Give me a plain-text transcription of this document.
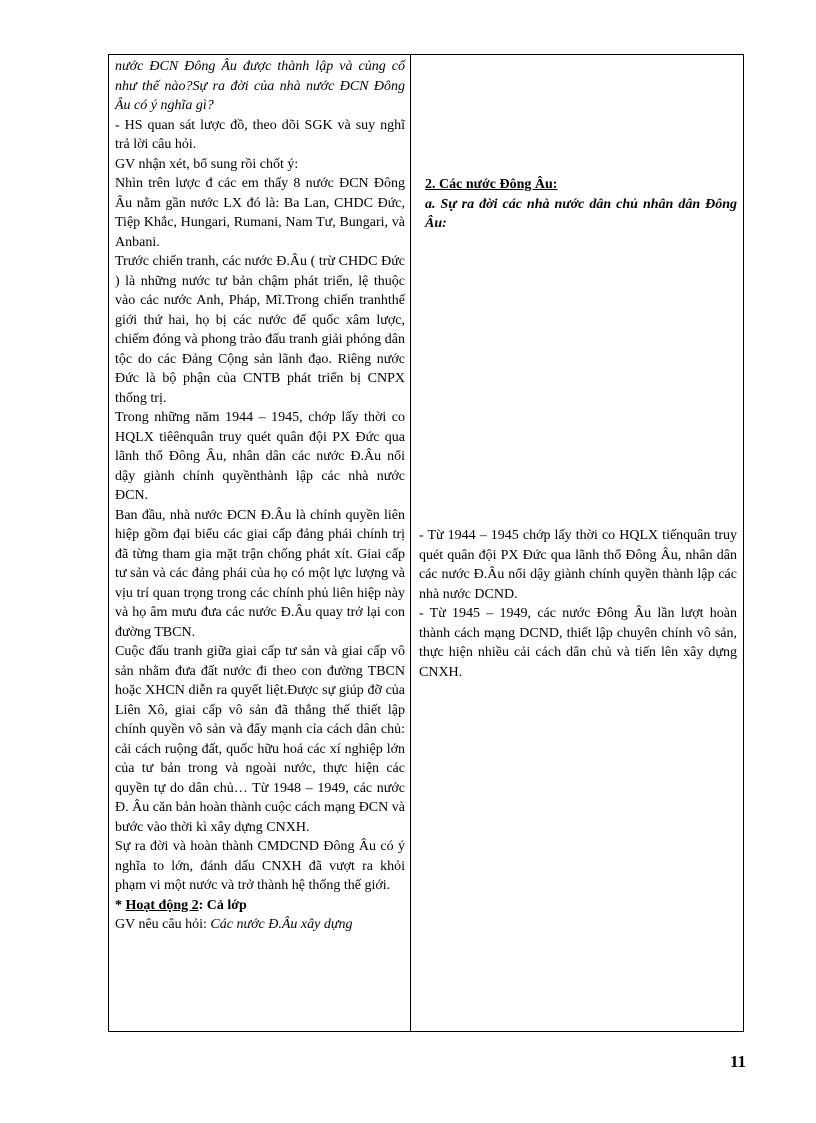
nước ĐCN Đông Âu được thành lập và củng cố như thế nào?Sự ra đời của nhà nước ĐCN Đông Âu có ý nghĩa gì?

- HS quan sát lược đồ, theo dõi SGK và suy nghĩ trả lời câu hỏi.

GV nhận xét, bổ sung rồi chốt ý:

Nhìn trên lược đ các em thấy 8 nước ĐCN Đông Âu nằm gần nước LX đó là: Ba Lan, CHDC Đức, Tiệp Khắc, Hungari, Rumani, Nam Tư, Bungari, và Anbani.

Trước chiến tranh, các nước Đ.Âu ( trừ CHDC Đức ) là những nước tư bản chậm phát triển, lệ thuộc vào các nước Anh, Pháp, Mĩ.Trong chiến tranhthế giới thứ hai, họ bị các nước đế quốc xâm lược, chiếm đóng và phong trào đấu tranh giải phóng dân tộc do các Đảng Cộng sản lãnh đạo. Riêng nước Đức là bộ phận của CNTB phát triển bị CNPX thống trị.

Trong những năm 1944 – 1945, chớp lấy thời co HQLX tiêênquân truy quét quân đội PX Đức qua lãnh thổ Đông Âu, nhân dân các nước Đ.Âu nổi dậy giành chính quyềnthành lập các nhà nước ĐCN.

Ban đầu, nhà nước ĐCN Đ.Âu là chính quyền liên hiệp gồm đại biểu các giai cấp đảng phái chính trị đã từng tham gia mặt trận chống phát xít. Giai cấp tư sản và các đảng phái của họ có một lực lượng và vịu trí quan trọng trong các chính phủ liên hiệp này và họ âm mưu đưa các nước Đ.Âu quay trở lại con đường TBCN.

Cuộc đấu tranh giữa giai cấp tư sản và giai cấp vô sản nhằm đưa đất nước đi theo con đường TBCN hoặc XHCN diễn ra quyết liệt.Được sự giúp đỡ của Liên Xô, giai cấp vô sản đã thắng thế thiết lập chính quyền vô sản và đẩy mạnh cỉa cách dân chủ: cải cách ruộng đất, quốc hữu hoá các xí nghiệp lớn của tư bản trong và ngoài nước, thực hiện các quyền tự do dân chủ… Từ 1948 – 1949, các nước Đ. Âu căn bản hoàn thành cuộc cách mạng ĐCN và bước vào thời kì xây dựng CNXH.

Sự ra đời và hoàn thành CMDCND Đông Âu có ý nghĩa to lớn, đánh dấu CNXH đã vượt ra khỏi phạm vi một nước và trở thành hệ thống thế giới.

* Hoạt động 2: Cả lớp

GV nêu câu hỏi: Các nước Đ.Âu xây dựng

2. Các nước Đông Âu:

a. Sự ra đời các nhà nước dân chủ nhân dân Đông Âu:

- Từ 1944 – 1945 chớp lấy thời co HQLX tiếnquân truy quét quân đội PX Đức qua lãnh thổ Đông Âu, nhân dân các nước Đ.Âu nổi dậy giành chính quyền thành lập các nhà nước DCND.

- Từ 1945 – 1949, các nước Đông Âu lần lượt hoàn thành cách mạng DCND, thiết lập chuyên chính vô sản, thực hiện nhiều cải cách dân chủ và tiến lên xây dựng CNXH.

11
